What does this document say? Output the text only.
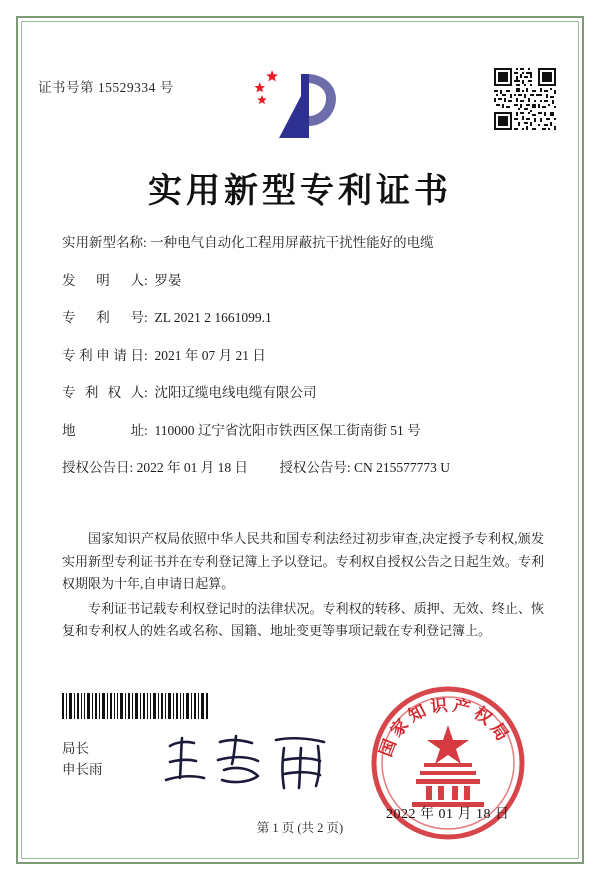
证书号第 15529334 号
实用新型专利证书
实用新型名称: 一种电气自动化工程用屏蔽抗干扰性能好的电缆
发 明 人:  罗晏
专 利 号:  ZL 2021 2 1661099.1
专利申请日:  2021 年 07 月 21 日
专 利 权 人:  沈阳辽缆电线电缆有限公司
地 址:  110000 辽宁省沈阳市铁西区保工街南街 51 号
授权公告日: 2022 年 01 月 18 日 授权公告号: CN 215577773 U

国家知识产权局依照中华人民共和国专利法经过初步审查,决定授予专利权,颁发实用新型专利证书并在专利登记簿上予以登记。专利权自授权公告之日起生效。专利权期限为十年,自申请日起算。

专利证书记载专利权登记时的法律状况。专利权的转移、质押、无效、终止、恢复和专利权人的姓名或名称、国籍、地址变更等事项记载在专利登记簿上。

局长
申长雨
国家知识产权局
2022 年 01 月 18 日
第 1 页 (共 2 页)
